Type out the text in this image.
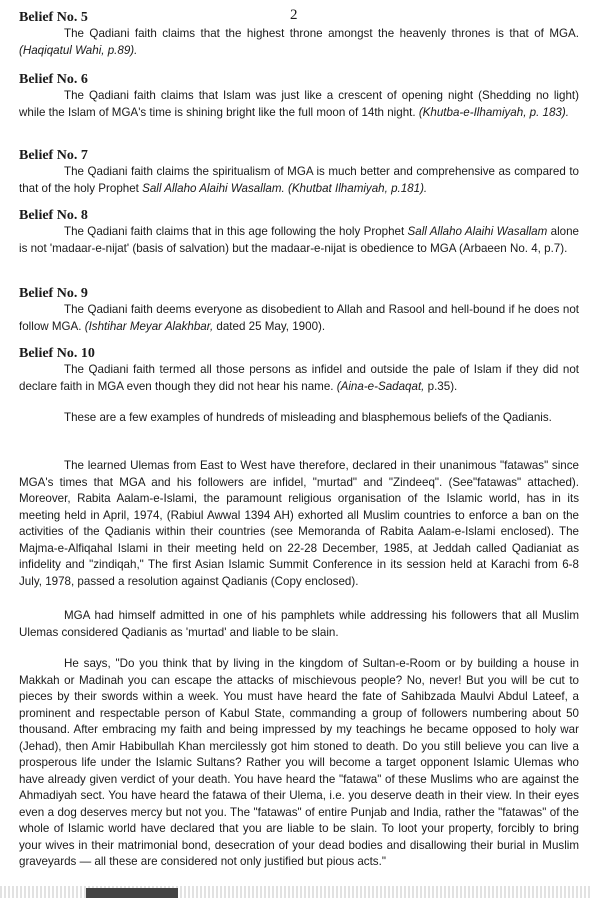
2
Belief No. 5

The Qadiani faith claims that the highest throne amongst the heavenly thrones is that of MGA. (Haqiqatul Wahi, p.89).

Belief No. 6

The Qadiani faith claims that Islam was just like a crescent of opening night (Shedding no light) while the Islam of MGA's time is shining bright like the full moon of 14th night. (Khutba-e-Ilhamiyah, p. 183).

Belief No. 7

The Qadiani faith claims the spiritualism of MGA is much better and comprehensive as compared to that of the holy Prophet Sall Allaho Alaihi Wasallam. (Khutbat Ilhamiyah, p.181).

Belief No. 8

The Qadiani faith claims that in this age following the holy Prophet Sall Allaho Alaihi Wasallam alone is not 'madaar-e-nijat' (basis of salvation) but the madaar-e-nijat is obedience to MGA (Arbaeen No. 4, p.7).

Belief No. 9

The Qadiani faith deems everyone as disobedient to Allah and Rasool and hell-bound if he does not follow MGA. (Ishtihar Meyar Alakhbar, dated 25 May, 1900).

Belief No. 10

The Qadiani faith termed all those persons as infidel and outside the pale of Islam if they did not declare faith in MGA even though they did not hear his name. (Aina-e-Sadaqat, p.35).

These are a few examples of hundreds of misleading and blasphemous beliefs of the Qadianis.

The learned Ulemas from East to West have therefore, declared in their unanimous "fatawas" since MGA's times that MGA and his followers are infidel, "murtad" and "Zindeeq". (See"fatawas" attached). Moreover, Rabita Aalam-e-Islami, the paramount religious organisation of the Islamic world, has in its meeting held in April, 1974, (Rabiul Awwal 1394 AH) exhorted all Muslim countries to enforce a ban on the activities of the Qadianis within their countries (see Memoranda of Rabita Aalam-e-Islami enclosed). The Majma-e-Alfiqahal Islami in their meeting held on 22-28 December, 1985, at Jeddah called Qadianiat as infidelity and "zindiqah," The first Asian Islamic Summit Conference in its session held at Karachi from 6-8 July, 1978, passed a resolution against Qadianis (Copy enclosed).

MGA had himself admitted in one of his pamphlets while addressing his followers that all Muslim Ulemas considered Qadianis as 'murtad' and liable to be slain.

He says, "Do you think that by living in the kingdom of Sultan-e-Room or by building a house in Makkah or Madinah you can escape the attacks of mischievous people? No, never! But you will be cut to pieces by their swords within a week. You must have heard the fate of Sahibzada Maulvi Abdul Lateef, a prominent and respectable person of Kabul State, commanding a group of followers numbering about 50 thousand. After embracing my faith and being impressed by my teachings he became opposed to holy war (Jehad), then Amir Habibullah Khan mercilessly got him stoned to death. Do you still believe you can live a prosperous life under the Islamic Sultans? Rather you will become a target opponent Islamic Ulemas who have already given verdict of your death. You have heard the "fatawa" of these Muslims who are against the Ahmadiyah sect. You have heard the fatawa of their Ulema, i.e. you deserve death in their view. In their eyes even a dog deserves mercy but not you. The "fatawas" of entire Punjab and India, rather the "fatawas" of the whole of Islamic world have declared that you are liable to be slain. To loot your property, forcibly to bring your wives in their matrimonial bond, desecration of your dead bodies and disallowing their burial in Muslim graveyards — all these are considered not only justified but pious acts."
